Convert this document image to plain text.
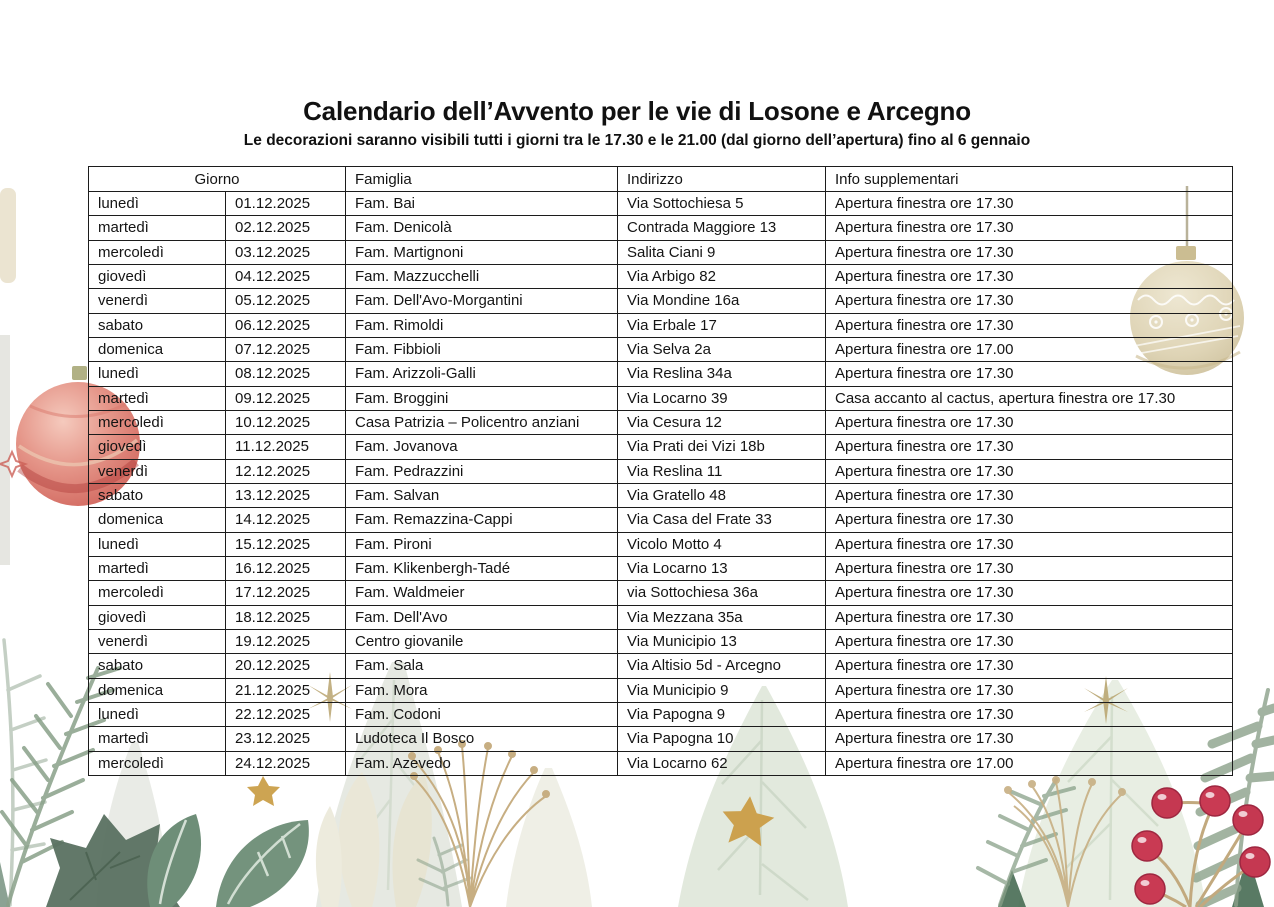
Calendario dell’Avvento per le vie di Losone e Arcegno

Le decorazioni saranno visibili tutti i giorni tra le 17.30 e le 21.00 (dal giorno dell’apertura) fino al 6 gennaio

Giorno		Famiglia	Indirizzo	Info supplementari
lunedì	01.12.2025	Fam. Bai	Via Sottochiesa 5	Apertura finestra ore 17.30
martedì	02.12.2025	Fam. Denicolà	Contrada Maggiore 13	Apertura finestra ore 17.30
mercoledì	03.12.2025	Fam. Martignoni	Salita Ciani 9	Apertura finestra ore 17.30
giovedì	04.12.2025	Fam. Mazzucchelli	Via Arbigo 82	Apertura finestra ore 17.30
venerdì	05.12.2025	Fam. Dell'Avo-Morgantini	Via Mondine 16a	Apertura finestra ore 17.30
sabato	06.12.2025	Fam. Rimoldi	Via Erbale 17	Apertura finestra ore 17.30
domenica	07.12.2025	Fam. Fibbioli	Via Selva 2a	Apertura finestra ore 17.00
lunedì	08.12.2025	Fam. Arizzoli-Galli	Via Reslina 34a	Apertura finestra ore 17.30
martedì	09.12.2025	Fam. Broggini	Via Locarno 39	Casa accanto al cactus, apertura finestra ore 17.30
mercoledì	10.12.2025	Casa Patrizia – Policentro anziani	Via Cesura 12	Apertura finestra ore 17.30
giovedì	11.12.2025	Fam. Jovanova	Via Prati dei Vizi 18b	Apertura finestra ore 17.30
venerdì	12.12.2025	Fam. Pedrazzini	Via Reslina 11	Apertura finestra ore 17.30
sabato	13.12.2025	Fam. Salvan	Via Gratello 48	Apertura finestra ore 17.30
domenica	14.12.2025	Fam. Remazzina-Cappi	Via Casa del Frate 33	Apertura finestra ore 17.30
lunedì	15.12.2025	Fam. Pironi	Vicolo Motto 4	Apertura finestra ore 17.30
martedì	16.12.2025	Fam. Klikenbergh-Tadé	Via Locarno 13	Apertura finestra ore 17.30
mercoledì	17.12.2025	Fam. Waldmeier	via Sottochiesa 36a	Apertura finestra ore 17.30
giovedì	18.12.2025	Fam. Dell'Avo	Via Mezzana 35a	Apertura finestra ore 17.30
venerdì	19.12.2025	Centro giovanile	Via Municipio 13	Apertura finestra ore 17.30
sabato	20.12.2025	Fam. Sala	Via Altisio 5d - Arcegno	Apertura finestra ore 17.30
domenica	21.12.2025	Fam. Mora	Via Municipio 9	Apertura finestra ore 17.30
lunedì	22.12.2025	Fam. Codoni	Via Papogna 9	Apertura finestra ore 17.30
martedì	23.12.2025	Ludoteca Il Bosco	Via Papogna 10	Apertura finestra ore 17.30
mercoledì	24.12.2025	Fam. Azevedo	Via Locarno 62	Apertura finestra ore 17.00
